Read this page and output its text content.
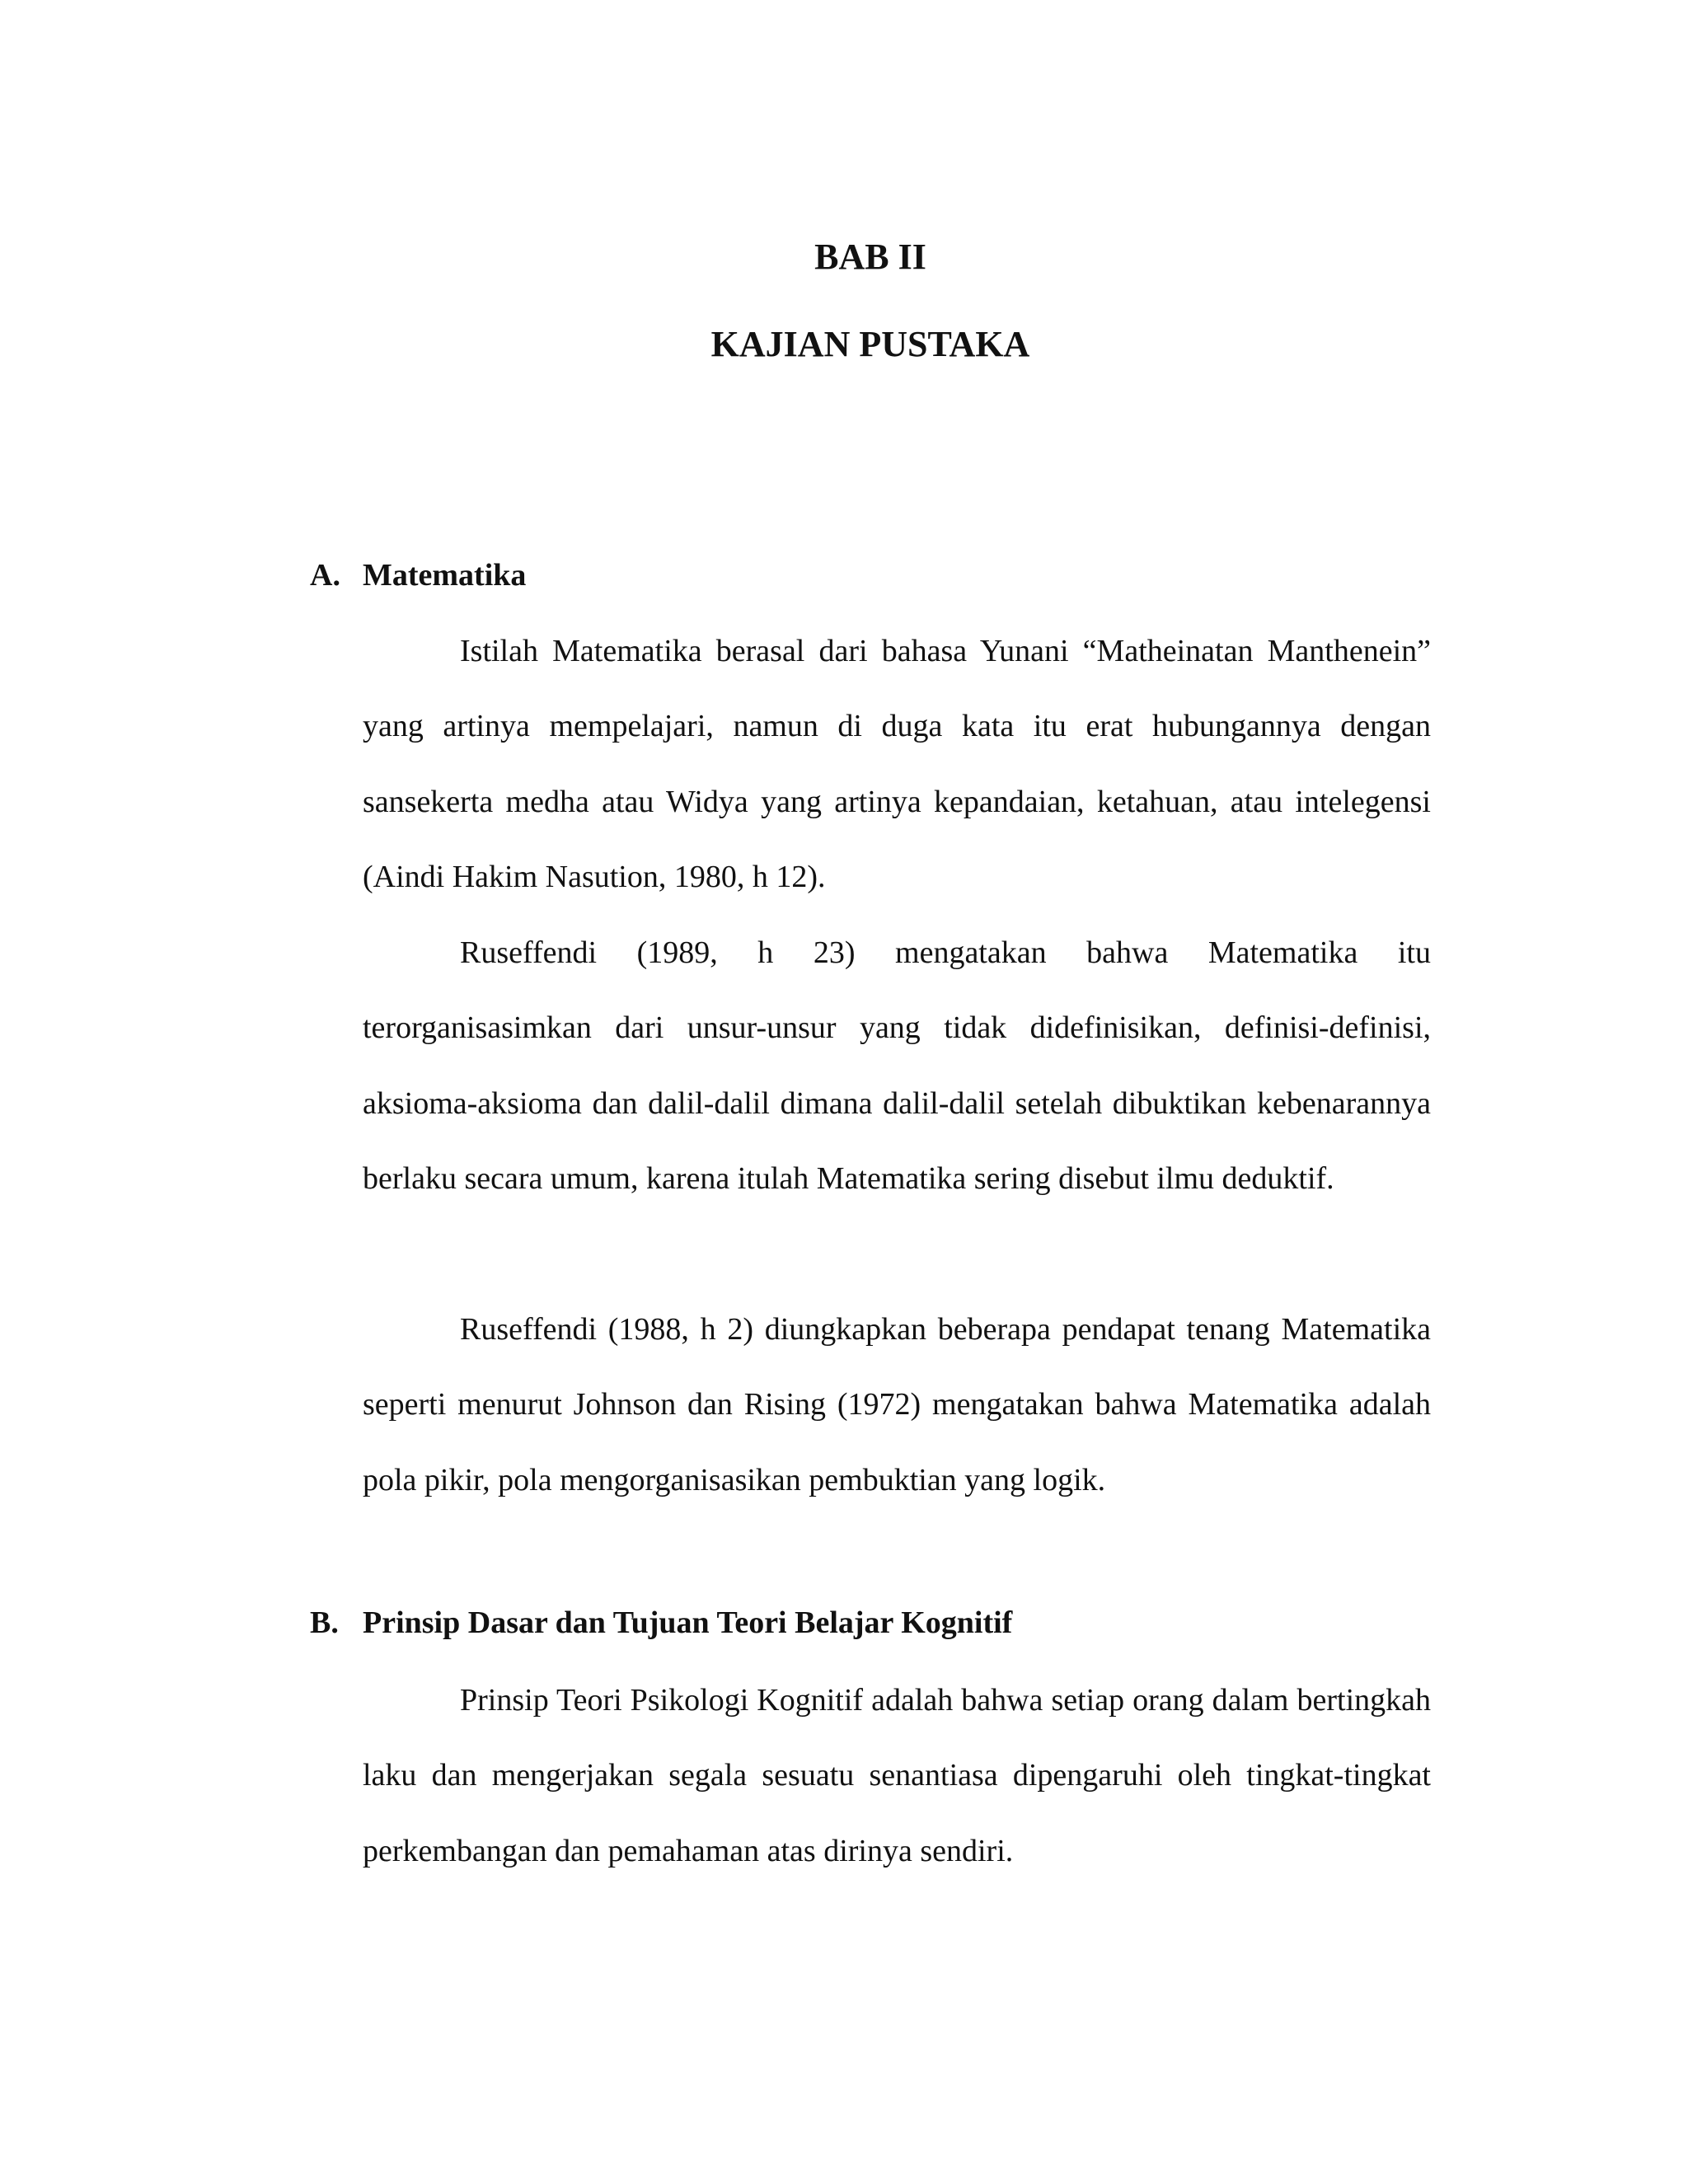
BAB II
KAJIAN PUSTAKA
A. Matematika

Istilah Matematika berasal dari bahasa Yunani “Matheinatan Manthenein” yang artinya mempelajari, namun di duga kata itu erat hubungannya dengan sansekerta medha atau Widya yang artinya kepandaian, ketahuan, atau intelegensi (Aindi Hakim Nasution, 1980, h 12).

Ruseffendi (1989, h 23) mengatakan bahwa Matematika itu terorganisasimkan dari unsur-unsur yang tidak didefinisikan, definisi-definisi, aksioma-aksioma dan dalil-dalil dimana dalil-dalil setelah dibuktikan kebenarannya berlaku secara umum, karena itulah Matematika sering disebut ilmu deduktif.

Ruseffendi (1988, h 2) diungkapkan beberapa pendapat tenang Matematika seperti menurut Johnson dan Rising (1972) mengatakan bahwa Matematika adalah pola pikir, pola mengorganisasikan pembuktian yang logik.

B. Prinsip Dasar dan Tujuan Teori Belajar Kognitif

Prinsip Teori Psikologi Kognitif adalah bahwa setiap orang dalam bertingkah laku dan mengerjakan segala sesuatu senantiasa dipengaruhi oleh tingkat-tingkat perkembangan dan pemahaman atas dirinya sendiri.
